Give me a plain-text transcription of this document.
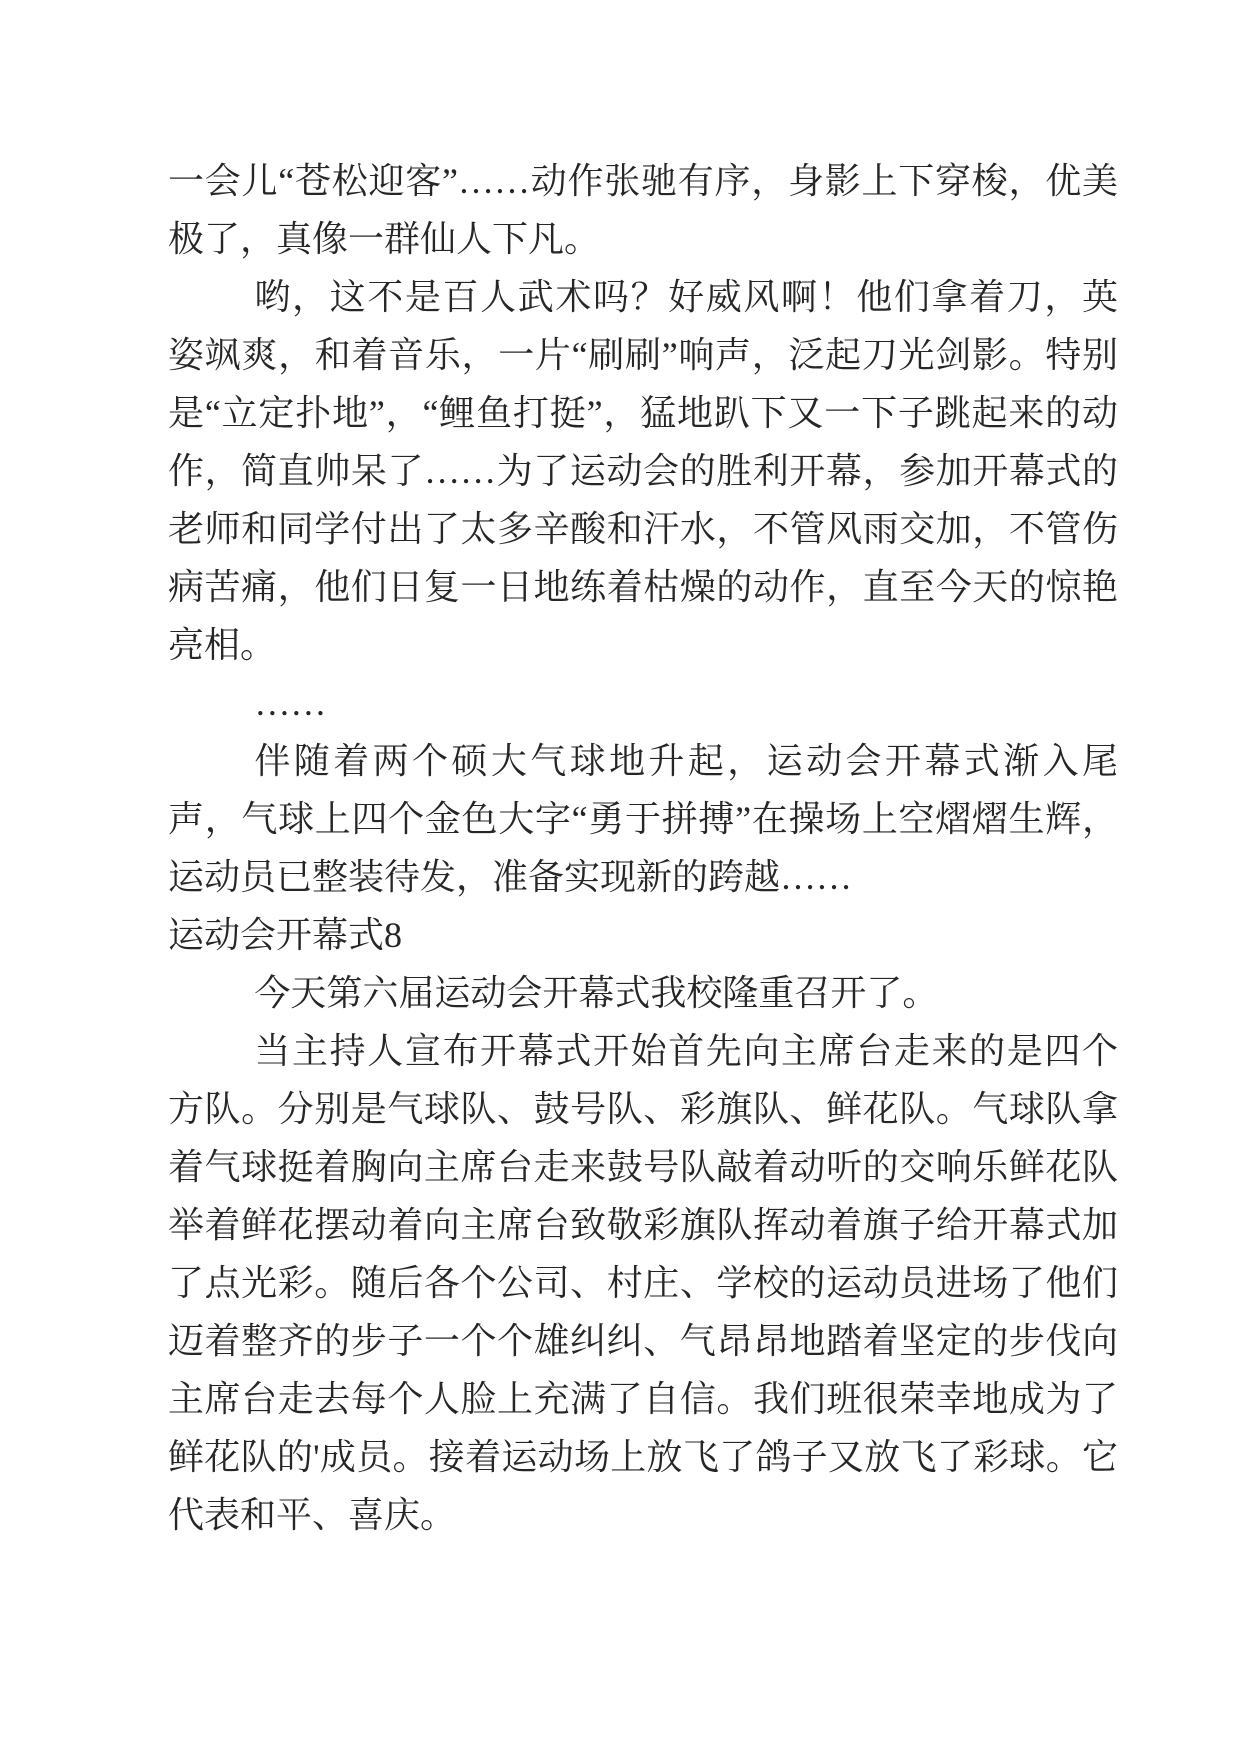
一会儿“苍松迎客”……动作张驰有序，身影上下穿梭，优美极了，真像一群仙人下凡。

哟，这不是百人武术吗？好威风啊！他们拿着刀，英姿飒爽，和着音乐，一片“刷刷”响声，泛起刀光剑影。特别是“立定扑地”，“鲤鱼打挺”，猛地趴下又一下子跳起来的动作，简直帅呆了……为了运动会的胜利开幕，参加开幕式的老师和同学付出了太多辛酸和汗水，不管风雨交加，不管伤病苦痛，他们日复一日地练着枯燥的动作，直至今天的惊艳亮相。

……

伴随着两个硕大气球地升起，运动会开幕式渐入尾声，气球上四个金色大字“勇于拼搏”在操场上空熠熠生辉，运动员已整装待发，准备实现新的跨越……

运动会开幕式8

今天第六届运动会开幕式我校隆重召开了。

当主持人宣布开幕式开始首先向主席台走来的是四个方队。分别是气球队、鼓号队、彩旗队、鲜花队。气球队拿着气球挺着胸向主席台走来鼓号队敲着动听的交响乐鲜花队举着鲜花摆动着向主席台致敬彩旗队挥动着旗子给开幕式加了点光彩。随后各个公司、村庄、学校的运动员进场了他们迈着整齐的步子一个个雄纠纠、气昂昂地踏着坚定的步伐向主席台走去每个人脸上充满了自信。我们班很荣幸地成为了鲜花队的'成员。接着运动场上放飞了鸽子又放飞了彩球。它代表和平、喜庆。
